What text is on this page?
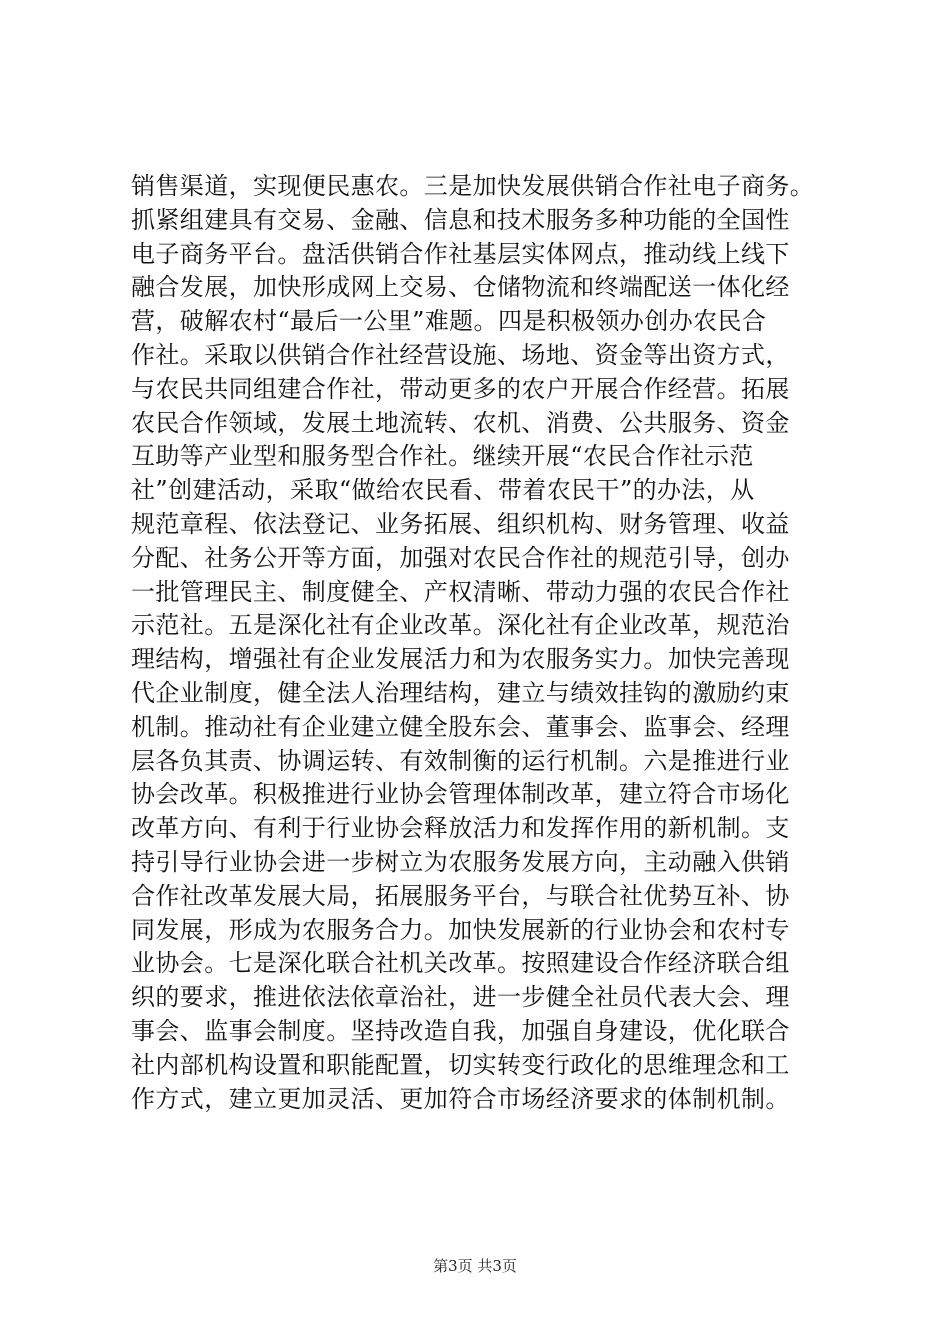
销售渠道，实现便民惠农。三是加快发展供销合作社电子商务。
抓紧组建具有交易、金融、信息和技术服务多种功能的全国性
电子商务平台。盘活供销合作社基层实体网点，推动线上线下
融合发展，加快形成网上交易、仓储物流和终端配送一体化经
营，破解农村“最后一公里”难题。四是积极领办创办农民合
作社。采取以供销合作社经营设施、场地、资金等出资方式，
与农民共同组建合作社，带动更多的农户开展合作经营。拓展
农民合作领域，发展土地流转、农机、消费、公共服务、资金
互助等产业型和服务型合作社。继续开展“农民合作社示范
社”创建活动，采取“做给农民看、带着农民干”的办法，从
规范章程、依法登记、业务拓展、组织机构、财务管理、收益
分配、社务公开等方面，加强对农民合作社的规范引导，创办
一批管理民主、制度健全、产权清晰、带动力强的农民合作社
示范社。五是深化社有企业改革。深化社有企业改革，规范治
理结构，增强社有企业发展活力和为农服务实力。加快完善现
代企业制度，健全法人治理结构，建立与绩效挂钩的激励约束
机制。推动社有企业建立健全股东会、董事会、监事会、经理
层各负其责、协调运转、有效制衡的运行机制。六是推进行业
协会改革。积极推进行业协会管理体制改革，建立符合市场化
改革方向、有利于行业协会释放活力和发挥作用的新机制。支
持引导行业协会进一步树立为农服务发展方向，主动融入供销
合作社改革发展大局，拓展服务平台，与联合社优势互补、协
同发展，形成为农服务合力。加快发展新的行业协会和农村专
业协会。七是深化联合社机关改革。按照建设合作经济联合组
织的要求，推进依法依章治社，进一步健全社员代表大会、理
事会、监事会制度。坚持改造自我，加强自身建设，优化联合
社内部机构设置和职能配置，切实转变行政化的思维理念和工
作方式，建立更加灵活、更加符合市场经济要求的体制机制。
第3页 共3页
